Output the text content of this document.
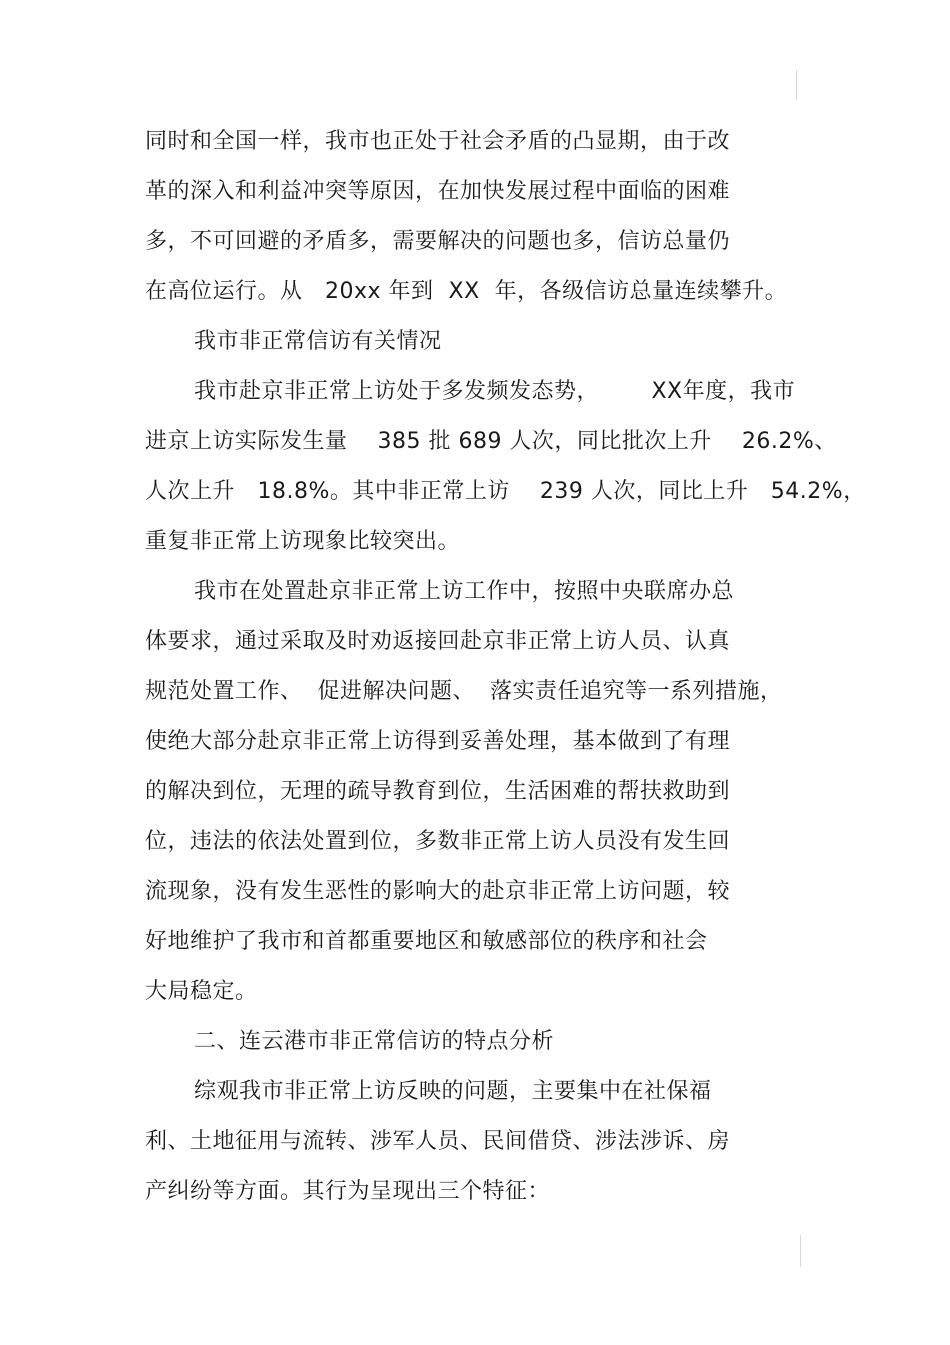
同时和全国一样，我市也正处于社会矛盾的凸显期，由于改
革的深入和利益冲突等原因，在加快发展过程中面临的困难
多，不可回避的矛盾多，需要解决的问题也多，信访总量仍
在高位运行。从   20xx 年到  XX  年，各级信访总量连续攀升。
我市非正常信访有关情况
我市赴京非正常上访处于多发频发态势，       XX年度，我市
进京上访实际发生量    385 批 689 人次，同比批次上升    26.2%、
人次上升   18.8%。其中非正常上访    239 人次，同比上升   54.2%，
重复非正常上访现象比较突出。
我市在处置赴京非正常上访工作中，按照中央联席办总
体要求，通过采取及时劝返接回赴京非正常上访人员、认真
规范处置工作、  促进解决问题、  落实责任追究等一系列措施，
使绝大部分赴京非正常上访得到妥善处理，基本做到了有理
的解决到位，无理的疏导教育到位，生活困难的帮扶救助到
位，违法的依法处置到位，多数非正常上访人员没有发生回
流现象，没有发生恶性的影响大的赴京非正常上访问题，较
好地维护了我市和首都重要地区和敏感部位的秩序和社会
大局稳定。
二、连云港市非正常信访的特点分析
综观我市非正常上访反映的问题，主要集中在社保福
利、土地征用与流转、涉军人员、民间借贷、涉法涉诉、房
产纠纷等方面。其行为呈现出三个特征：
